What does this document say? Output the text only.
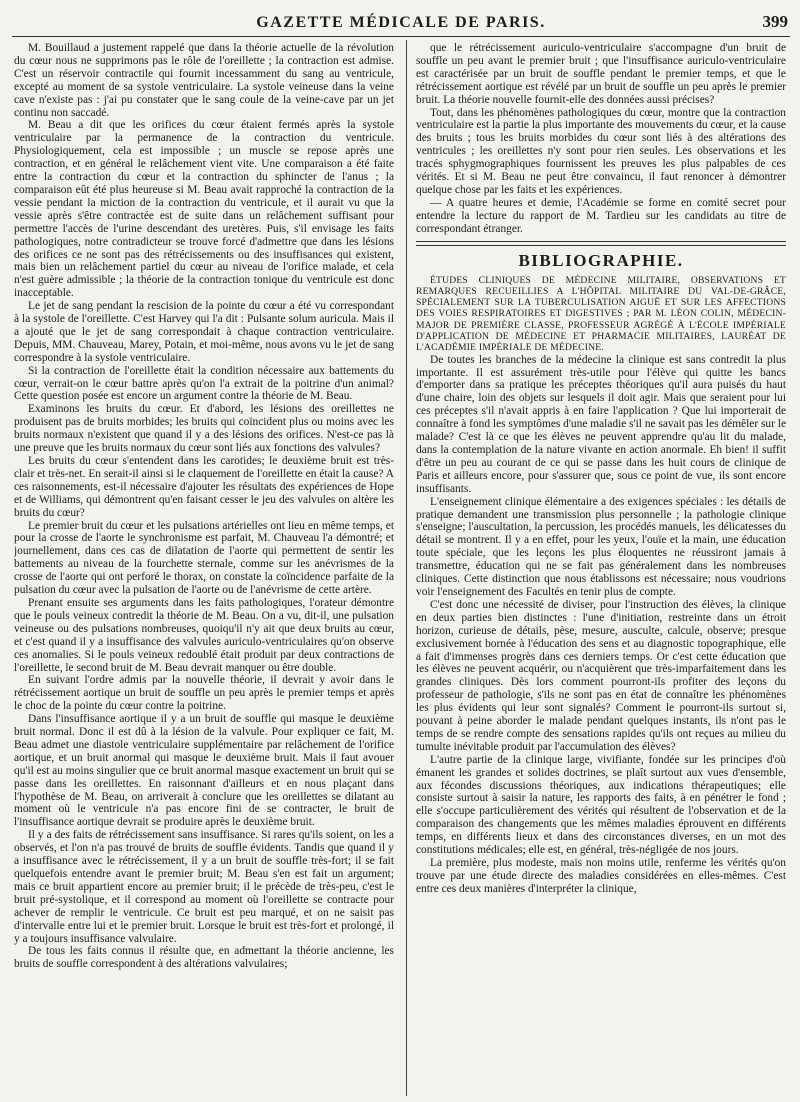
GAZETTE MÉDICALE DE PARIS.	399

M. Bouillaud a justement rappelé que dans la théorie actuelle de la révolution du cœur nous ne supprimons pas le rôle de l'oreillette ; la contraction est admise. C'est un réservoir contractile qui fournit incessamment du sang au ventricule, excepté au moment de sa systole ventriculaire. La systole veineuse dans la veine cave n'existe pas : j'ai pu constater que le sang coule de la veine-cave par un jet continu non saccadé.

M. Beau a dit que les orifices du cœur étaient fermés après la systole ventriculaire par la permanence de la contraction du ventricule. Physiologiquement, cela est impossible ; un muscle se repose après une contraction, et en général le relâchement vient vite. Une comparaison a été faite entre la contraction du cœur et la contraction du sphincter de l'anus ; la comparaison eût été plus heureuse si M. Beau avait rapproché la contraction de la vessie pendant la miction de la contraction du ventricule, et il aurait vu que la vessie après s'être contractée est de suite dans un relâchement suffisant pour permettre l'accès de l'urine descendant des uretères. Puis, s'il envisage les faits pathologiques, notre contradicteur se trouve forcé d'admettre que dans les lésions des orifices ce ne sont pas des rétrécissements ou des insuffisances qui existent, mais bien un relâchement partiel du cœur au niveau de l'orifice malade, et cela n'est guère admissible ; la théorie de la contraction tonique du ventricule est donc inacceptable.

Le jet de sang pendant la rescision de la pointe du cœur a été vu correspondant à la systole de l'oreillette. C'est Harvey qui l'a dit : Pulsante solum auricula. Mais il a ajouté que le jet de sang correspondait à chaque contraction ventriculaire. Depuis, MM. Chauveau, Marey, Potain, et moi-même, nous avons vu le jet de sang correspondre à la systole ventriculaire.

Si la contraction de l'oreillette était la condition nécessaire aux battements du cœur, verrait-on le cœur battre après qu'on l'a extrait de la poitrine d'un animal? Cette question posée est encore un argument contre la théorie de M. Beau.

Examinons les bruits du cœur. Et d'abord, les lésions des oreillettes ne produisent pas de bruits morbides; les bruits qui coïncident plus ou moins avec les bruits normaux n'existent que quand il y a des lésions des orifices. N'est-ce pas là une preuve que les bruits normaux du cœur sont liés aux fonctions des valvules?

Les bruits du cœur s'entendent dans les carotides; le deuxième bruit est très-clair et très-net. En serait-il ainsi si le claquement de l'oreillette en était la cause? A ces raisonnements, est-il nécessaire d'ajouter les résultats des expériences de Hope et de Williams, qui démontrent qu'en faisant cesser le jeu des valvules on altère les bruits du cœur?

Le premier bruit du cœur et les pulsations artérielles ont lieu en même temps, et pour la crosse de l'aorte le synchronisme est parfait, M. Chauveau l'a démontré; et journellement, dans ces cas de dilatation de l'aorte qui permettent de sentir les battements au niveau de la fourchette sternale, comme sur les anévrismes de la crosse de l'aorte qui ont perforé le thorax, on constate la coïncidence parfaite de la pulsation du cœur avec la pulsation de l'aorte ou de l'anévrisme de cette artère.

Prenant ensuite ses arguments dans les faits pathologiques, l'orateur démontre que le pouls veineux contredit la théorie de M. Beau. On a vu, dit-il, une pulsation veineuse ou des pulsations nombreuses, quoiqu'il n'y ait que deux bruits au cœur, et c'est quand il y a insuffisance des valvules auriculo-ventriculaires qu'on observe ces anomalies. Si le pouls veineux redoublé était produit par deux contractions de l'oreillette, le second bruit de M. Beau devrait manquer ou être double.

En suivant l'ordre admis par la nouvelle théorie, il devrait y avoir dans le rétrécissement aortique un bruit de souffle un peu après le premier temps et après le choc de la pointe du cœur contre la poitrine.

Dans l'insuffisance aortique il y a un bruit de souffle qui masque le deuxième bruit normal. Donc il est dû à la lésion de la valvule. Pour expliquer ce fait, M. Beau admet une diastole ventriculaire supplémentaire par relâchement de l'orifice aortique, et un bruit anormal qui masque le deuxième bruit. Mais il faut avouer qu'il est au moins singulier que ce bruit anormal masque exactement un bruit qui se passe dans les oreillettes. En raisonnant d'ailleurs et en nous plaçant dans l'hypothèse de M. Beau, on arriverait à conclure que les oreillettes se dilatant au moment où le ventricule n'a pas encore fini de se contracter, le bruit de l'insuffisance aortique devrait se produire après le deuxième bruit.

Il y a des faits de rétrécissement sans insuffisance. Si rares qu'ils soient, on les a observés, et l'on n'a pas trouvé de bruits de souffle évidents. Tandis que quand il y a insuffisance avec le rétrécissement, il y a un bruit de souffle très-fort; il se fait quelquefois entendre avant le premier bruit; M. Beau s'en est fait un argument; mais ce bruit appartient encore au premier bruit; il le précède de très-peu, c'est le bruit pré-systolique, et il correspond au moment où l'oreillette se contracte pour achever de remplir le ventricule. Ce bruit est peu marqué, et on ne saisit pas d'intervalle entre lui et le premier bruit. Lorsque le bruit est très-fort et prolongé, il y a toujours insuffisance valvulaire.

De tous les faits connus il résulte que, en admettant la théorie ancienne, les bruits de souffle correspondent à des altérations valvulaires;

que le rétrécissement auriculo-ventriculaire s'accompagne d'un bruit de souffle un peu avant le premier bruit ; que l'insuffisance auriculo-ventriculaire est caractérisée par un bruit de souffle pendant le premier temps, et que le rétrécissement aortique est révélé par un bruit de souffle un peu après le premier bruit. La théorie nouvelle fournit-elle des données aussi précises?

Tout, dans les phénomènes pathologiques du cœur, montre que la contraction ventriculaire est la partie la plus importante des mouvements du cœur, et la cause des bruits ; tous les bruits morbides du cœur sont liés à des altérations des ventricules ; les oreillettes n'y sont pour rien seules. Les observations et les tracés sphygmographiques fournissent les preuves les plus palpables de ces vérités. Et si M. Beau ne peut être convaincu, il faut renoncer à démontrer quelque chose par les faits et les expériences.

— A quatre heures et demie, l'Académie se forme en comité secret pour entendre la lecture du rapport de M. Tardieu sur les candidats au titre de correspondant étranger.

BIBLIOGRAPHIE.

ÉTUDES CLINIQUES DE MÉDECINE MILITAIRE, OBSERVATIONS ET REMARQUES RECUEILLIES A L'HÔPITAL MILITAIRE DU VAL-DE-GRÂCE, SPÉCIALEMENT SUR LA TUBERCULISATION AIGUË ET SUR LES AFFECTIONS DES VOIES RESPIRATOIRES ET DIGESTIVES ; PAR M. LÉON COLIN, MÉDECIN-MAJOR DE PREMIÈRE CLASSE, PROFESSEUR AGRÉGÉ À L'ÉCOLE IMPÉRIALE D'APPLICATION DE MÉDECINE ET PHARMACIE MILITAIRES, LAURÉAT DE L'ACADÉMIE IMPÉRIALE DE MÉDECINE.

De toutes les branches de la médecine la clinique est sans contredit la plus importante. Il est assurément très-utile pour l'élève qui quitte les bancs d'emporter dans sa pratique les préceptes théoriques qu'il aura puisés du haut d'une chaire, loin des objets sur lesquels il doit agir. Mais que seraient pour lui ces préceptes s'il n'avait appris à en faire l'application ? Que lui importerait de connaître à fond les symptômes d'une maladie s'il ne savait pas les démêler sur le malade? C'est là ce que les élèves ne peuvent apprendre qu'au lit du malade, dans la contemplation de la nature vivante en action anormale. Eh bien! il suffit d'être un peu au courant de ce qui se passe dans les huit cours de clinique de Paris et ailleurs encore, pour s'assurer que, sous ce point de vue, ils sont encore insuffisants.

L'enseignement clinique élémentaire a des exigences spéciales : les détails de pratique demandent une transmission plus personnelle ; la pathologie clinique s'enseigne; l'auscultation, la percussion, les procédés manuels, les délicatesses du détail se montrent. Il y a en effet, pour les yeux, l'ouïe et la main, une éducation toute spéciale, que les leçons les plus éloquentes ne réussiront jamais à transmettre, éducation qui ne se fait pas généralement dans les nombreuses cliniques. Cette distinction que nous établissons est nécessaire; nous voudrions voir l'enseignement des Facultés en tenir plus de compte.

C'est donc une nécessité de diviser, pour l'instruction des élèves, la clinique en deux parties bien distinctes : l'une d'initiation, restreinte dans un étroit horizon, curieuse de détails, pèse, mesure, ausculte, calcule, observe; presque exclusivement bornée à l'éducation des sens et au diagnostic topographique, elle a fait d'immenses progrès dans ces derniers temps. Or c'est cette éducation que les élèves ne peuvent acquérir, ou n'acquièrent que très-imparfaitement dans les grandes cliniques. Dès lors comment pourront-ils profiter des leçons du professeur de pathologie, s'ils ne sont pas en état de connaître les phénomènes les plus évidents qui leur sont signalés? Comment le pourront-ils surtout si, pouvant à peine aborder le malade pendant quelques instants, ils n'ont pas le temps de se rendre compte des sensations rapides qu'ils ont reçues au milieu du tumulte inévitable produit par l'accumulation des élèves?

L'autre partie de la clinique large, vivifiante, fondée sur les principes d'où émanent les grandes et solides doctrines, se plaît surtout aux vues d'ensemble, aux fécondes discussions théoriques, aux indications thérapeutiques; elle consiste surtout à saisir la nature, les rapports des faits, à en pénétrer le fond ; elle s'occupe particulièrement des vérités qui résultent de l'observation et de la comparaison des changements que les mêmes maladies éprouvent en différents temps, en différents lieux et dans des circonstances diverses, en un mot des constitutions médicales; elle est, en général, très-négligée de nos jours.

La première, plus modeste, mais non moins utile, renferme les vérités qu'on trouve par une étude directe des maladies considérées en elles-mêmes. C'est entre ces deux manières d'interpréter la clinique,
